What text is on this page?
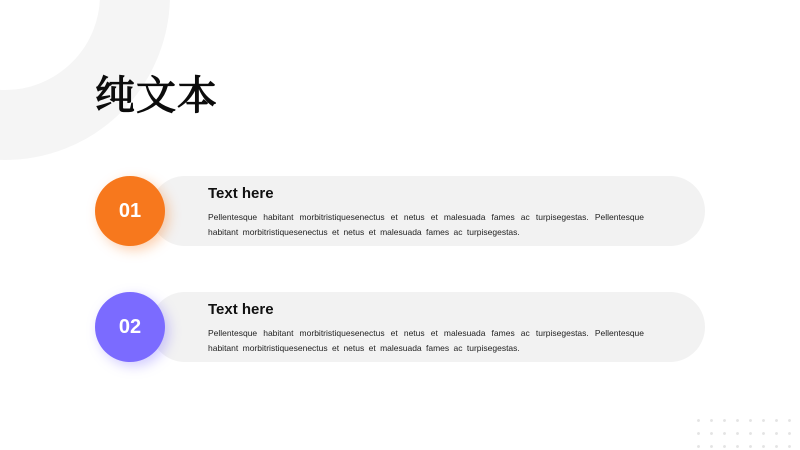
纯文本
Text here
Pellentesque habitant morbitristiquesenectus et netus et malesuada fames ac turpisegestas. Pellentesque habitant morbitristiquesenectus et netus et malesuada fames ac turpisegestas.
01
Text here
Pellentesque habitant morbitristiquesenectus et netus et malesuada fames ac turpisegestas. Pellentesque habitant morbitristiquesenectus et netus et malesuada fames ac turpisegestas.
02
